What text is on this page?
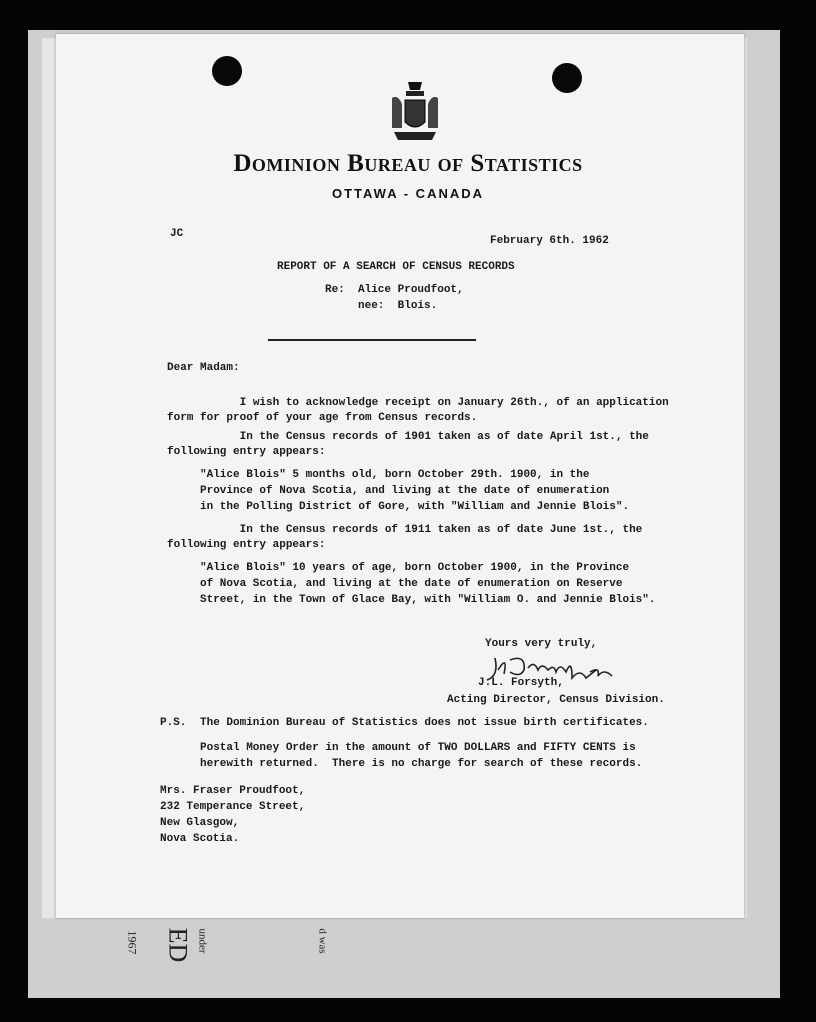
1967 ED under	d was
Dominion Bureau of Statistics
OTTAWA - CANADA
JC
February 6th. 1962
REPORT OF A SEARCH OF CENSUS RECORDS
Re:  Alice Proudfoot,
nee:  Blois.
Dear Madam:
I wish to acknowledge receipt on January 26th., of an application
form for proof of your age from Census records.
In the Census records of 1901 taken as of date April 1st., the
following entry appears:
"Alice Blois" 5 months old, born October 29th. 1900, in the
Province of Nova Scotia, and living at the date of enumeration
in the Polling District of Gore, with "William and Jennie Blois".
In the Census records of 1911 taken as of date June 1st., the
following entry appears:
"Alice Blois" 10 years of age, born October 1900, in the Province
of Nova Scotia, and living at the date of enumeration on Reserve
Street, in the Town of Glace Bay, with "William O. and Jennie Blois".
Yours very truly,
J.L. Forsyth,
Acting Director, Census Division.
P.S. The Dominion Bureau of Statistics does not issue birth certificates.
Postal Money Order in the amount of TWO DOLLARS and FIFTY CENTS is
herewith returned.  There is no charge for search of these records.
Mrs. Fraser Proudfoot,
232 Temperance Street,
New Glasgow,
Nova Scotia.
